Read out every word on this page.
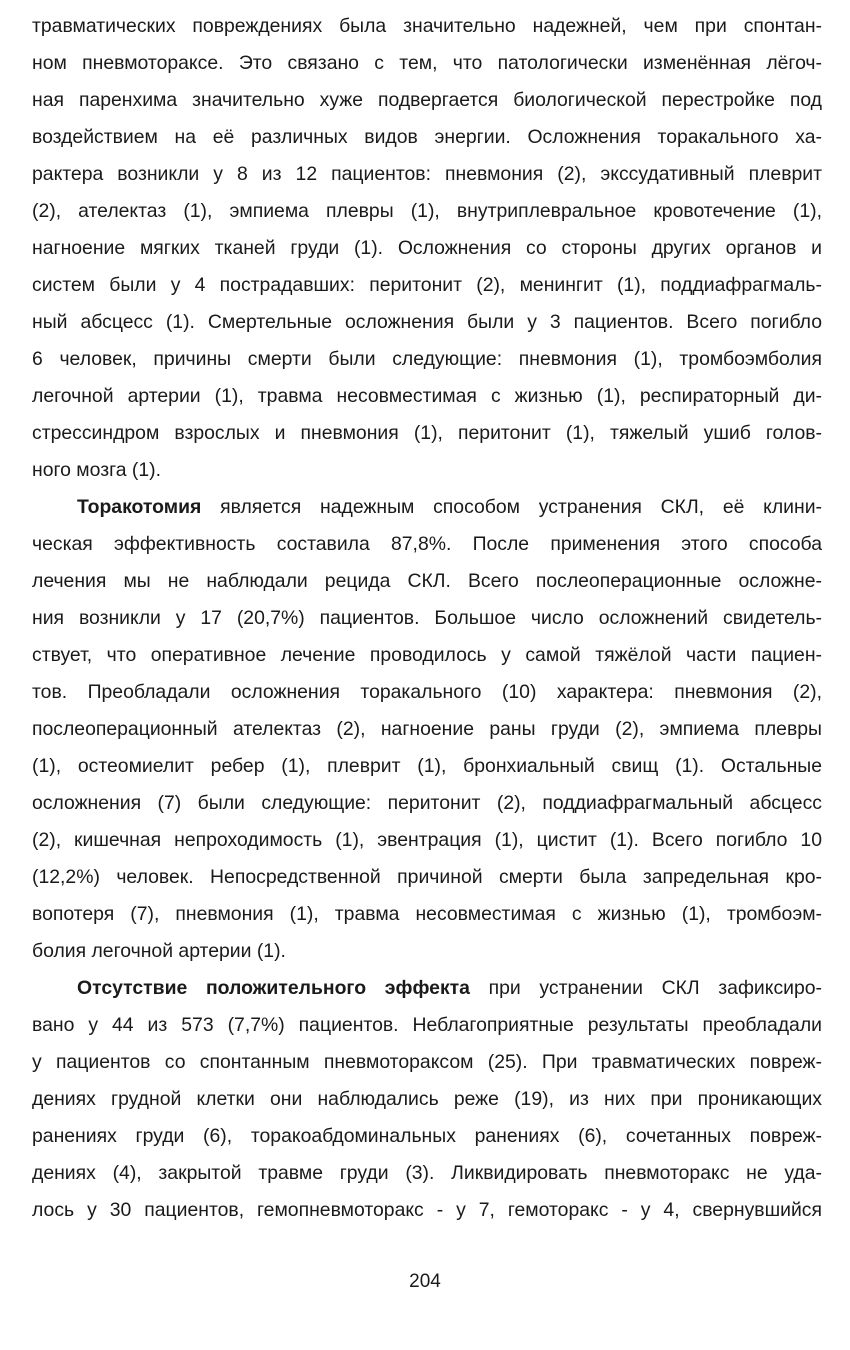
травматических повреждениях была значительно надежней, чем при спонтан-
ном пневмотораксе. Это связано с тем, что патологически изменённая лёгоч-
ная паренхима значительно хуже подвергается биологической перестройке под
воздействием на её различных видов энергии. Осложнения торакального ха-
рактера возникли у 8 из 12 пациентов: пневмония (2), экссудативный плеврит
(2), ателектаз (1), эмпиема плевры (1), внутриплевральное кровотечение (1),
нагноение мягких тканей груди (1). Осложнения со стороны других органов и
систем были у 4 пострадавших: перитонит (2), менингит (1), поддиафрагмаль-
ный абсцесс (1). Смертельные осложнения были у 3 пациентов. Всего погибло
6 человек, причины смерти были следующие: пневмония (1), тромбоэмболия
легочной артерии (1), травма несовместимая с жизнью (1), респираторный ди-
стрессиндром взрослых и пневмония (1), перитонит (1), тяжелый ушиб голов-
ного мозга (1).
Торакотомия является надежным способом устранения СКЛ, её клини-
ческая эффективность составила 87,8%. После применения этого способа
лечения мы не наблюдали рецида СКЛ. Всего послеоперационные осложне-
ния возникли у 17 (20,7%) пациентов. Большое число осложнений свидетель-
ствует, что оперативное лечение проводилось у самой тяжёлой части пациен-
тов. Преобладали осложнения торакального (10) характера: пневмония (2),
послеоперационный ателектаз (2), нагноение раны груди (2), эмпиема плевры
(1), остеомиелит ребер (1), плеврит (1), бронхиальный свищ (1). Остальные
осложнения (7) были следующие: перитонит (2), поддиафрагмальный абсцесс
(2), кишечная непроходимость (1), эвентрация (1), цистит (1). Всего погибло 10
(12,2%) человек. Непосредственной причиной смерти была запредельная кро-
вопотеря (7), пневмония (1), травма несовместимая с жизнью (1), тромбоэм-
болия легочной артерии (1).
Отсутствие положительного эффекта при устранении СКЛ зафиксиро-
вано у 44 из 573 (7,7%) пациентов. Неблагоприятные результаты преобладали
у пациентов со спонтанным пневмотораксом (25). При травматических повреж-
дениях грудной клетки они наблюдались реже (19), из них при проникающих
ранениях груди (6), торакоабдоминальных ранениях (6), сочетанных повреж-
дениях (4), закрытой травме груди (3). Ликвидировать пневмоторакс не уда-
лось у 30 пациентов, гемопневмоторакс - у 7, гемоторакс - у 4, свернувшийся
204
